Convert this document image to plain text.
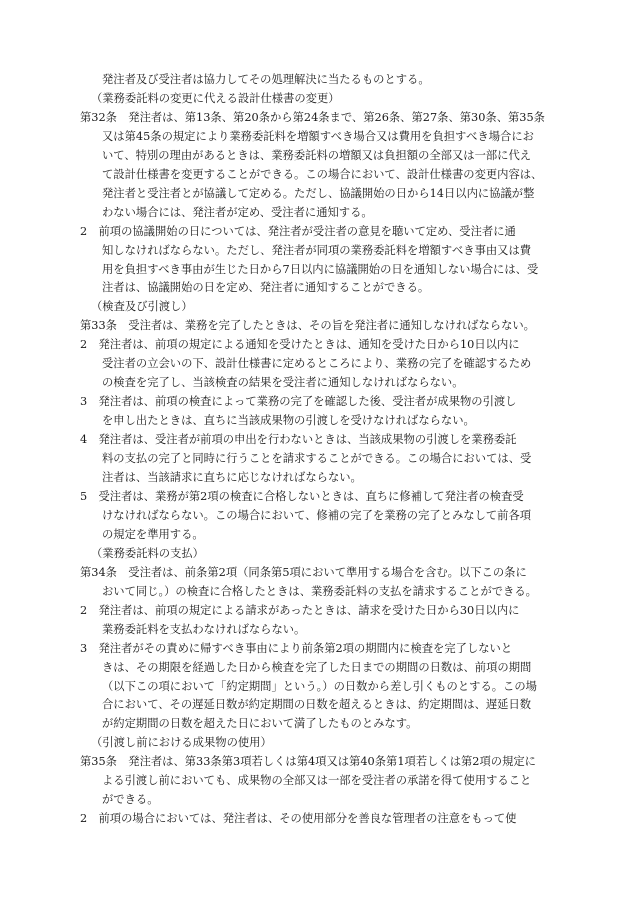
発注者及び受注者は協力してその処理解決に当たるものとする。

（業務委託料の変更に代える設計仕様書の変更）

第32条　発注者は、第13条、第20条から第24条まで、第26条、第27条、第30条、第35条

又は第45条の規定により業務委託料を増額すべき場合又は費用を負担すべき場合にお

いて、特別の理由があるときは、業務委託料の増額又は負担額の全部又は一部に代え

て設計仕様書を変更することができる。この場合において、設計仕様書の変更内容は、

発注者と受注者とが協議して定める。ただし、協議開始の日から14日以内に協議が整

わない場合には、発注者が定め、受注者に通知する。

2　前項の協議開始の日については、発注者が受注者の意見を聴いて定め、受注者に通

知しなければならない。ただし、発注者が同項の業務委託料を増額すべき事由又は費

用を負担すべき事由が生じた日から7日以内に協議開始の日を通知しない場合には、受

注者は、協議開始の日を定め、発注者に通知することができる。

（検査及び引渡し）

第33条　受注者は、業務を完了したときは、その旨を発注者に通知しなければならない。

2　発注者は、前項の規定による通知を受けたときは、通知を受けた日から10日以内に

受注者の立会いの下、設計仕様書に定めるところにより、業務の完了を確認するため

の検査を完了し、当該検査の結果を受注者に通知しなければならない。

3　発注者は、前項の検査によって業務の完了を確認した後、受注者が成果物の引渡し

を申し出たときは、直ちに当該成果物の引渡しを受けなければならない。

4　発注者は、受注者が前項の申出を行わないときは、当該成果物の引渡しを業務委託

料の支払の完了と同時に行うことを請求することができる。この場合においては、受

注者は、当該請求に直ちに応じなければならない。

5　受注者は、業務が第2項の検査に合格しないときは、直ちに修補して発注者の検査受

けなければならない。この場合において、修補の完了を業務の完了とみなして前各項

の規定を準用する。

（業務委託料の支払）

第34条　受注者は、前条第2項（同条第5項において準用する場合を含む。以下この条に

おいて同じ。）の検査に合格したときは、業務委託料の支払を請求することができる。

2　発注者は、前項の規定による請求があったときは、請求を受けた日から30日以内に

業務委託料を支払わなければならない。

3　発注者がその責めに帰すべき事由により前条第2項の期間内に検査を完了しないと

きは、その期限を経過した日から検査を完了した日までの期間の日数は、前項の期間

（以下この項において「約定期間」という。）の日数から差し引くものとする。この場

合において、その遅延日数が約定期間の日数を超えるときは、約定期間は、遅延日数

が約定期間の日数を超えた日において満了したものとみなす。

（引渡し前における成果物の使用）

第35条　発注者は、第33条第3項若しくは第4項又は第40条第1項若しくは第2項の規定に

よる引渡し前においても、成果物の全部又は一部を受注者の承諾を得て使用すること

ができる。

2　前項の場合においては、発注者は、その使用部分を善良な管理者の注意をもって使
